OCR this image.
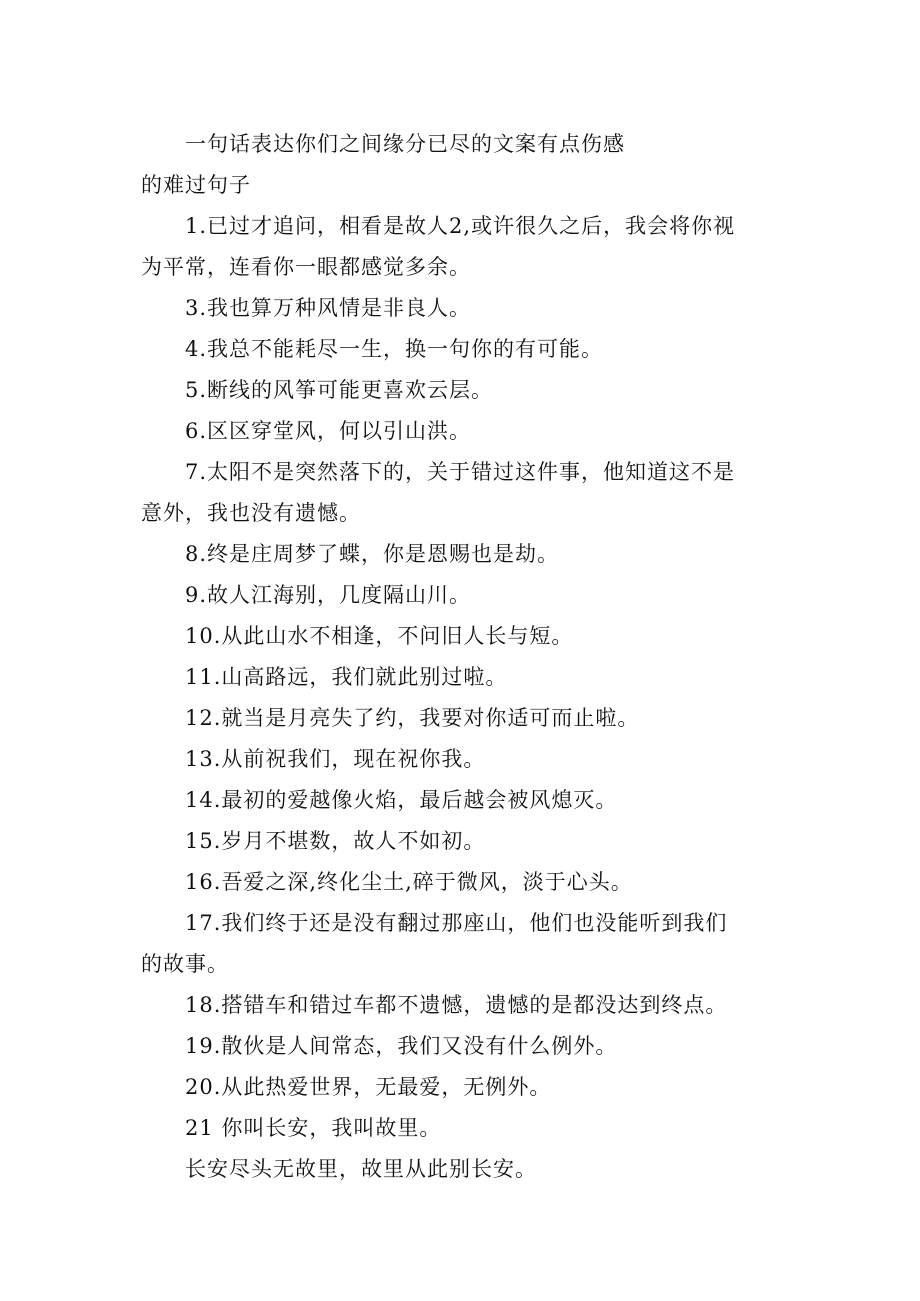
一句话表达你们之间缘分已尽的文案有点伤感
的难过句子
1.已过才追问，相看是故人2,或许很久之后，我会将你视
为平常，连看你一眼都感觉多余。
3.我也算万种风情是非良人。
4.我总不能耗尽一生，换一句你的有可能。
5.断线的风筝可能更喜欢云层。
6.区区穿堂风，何以引山洪。
7.太阳不是突然落下的，关于错过这件事，他知道这不是
意外，我也没有遗憾。
8.终是庄周梦了蝶，你是恩赐也是劫。
9.故人江海别，几度隔山川。
10.从此山水不相逢，不问旧人长与短。
11.山高路远，我们就此别过啦。
12.就当是月亮失了约，我要对你适可而止啦。
13.从前祝我们，现在祝你我。
14.最初的爱越像火焰，最后越会被风熄灭。
15.岁月不堪数，故人不如初。
16.吾爱之深,终化尘土,碎于微风，淡于心头。
17.我们终于还是没有翻过那座山，他们也没能听到我们
的故事。
18.搭错车和错过车都不遗憾，遗憾的是都没达到终点。
19.散伙是人间常态，我们又没有什么例外。
20.从此热爱世界，无最爱，无例外。
21 你叫长安，我叫故里。
长安尽头无故里，故里从此别长安。
